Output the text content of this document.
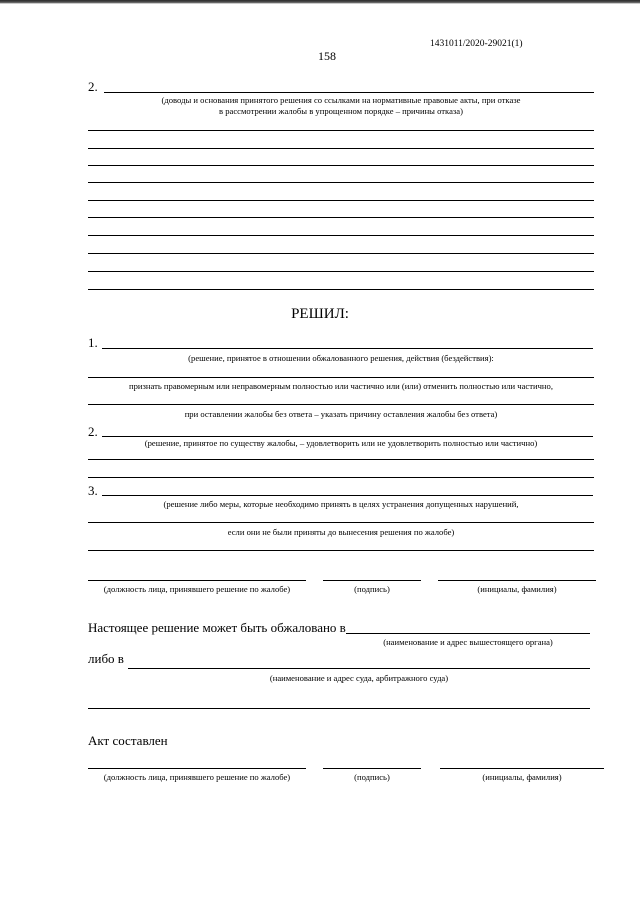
1431011/2020-29021(1)
158
2.
(доводы и основания принятого решения со ссылками на нормативные правовые акты, при отказе
в рассмотрении жалобы в упрощенном порядке – причины отказа)
РЕШИЛ:
1.
(решение, принятое в отношении обжалованного решения, действия (бездействия):
признать правомерным или неправомерным полностью или частично или (или) отменить полностью или частично,
при оставлении жалобы без ответа – указать причину оставления жалобы без ответа)
2.
(решение, принятое по существу жалобы, – удовлетворить или не удовлетворить полностью или частично)
3.
(решение либо меры, которые необходимо принять в целях устранения допущенных нарушений,
если они не были приняты до вынесения решения по жалобе)
(должность лица, принявшего решение по жалобе)	(подпись)	(инициалы, фамилия)
Настоящее решение может быть обжаловано в
(наименование и адрес вышестоящего органа)
либо в
(наименование и адрес суда, арбитражного суда)
Акт составлен
(должность лица, принявшего решение по жалобе)	(подпись)	(инициалы, фамилия)
